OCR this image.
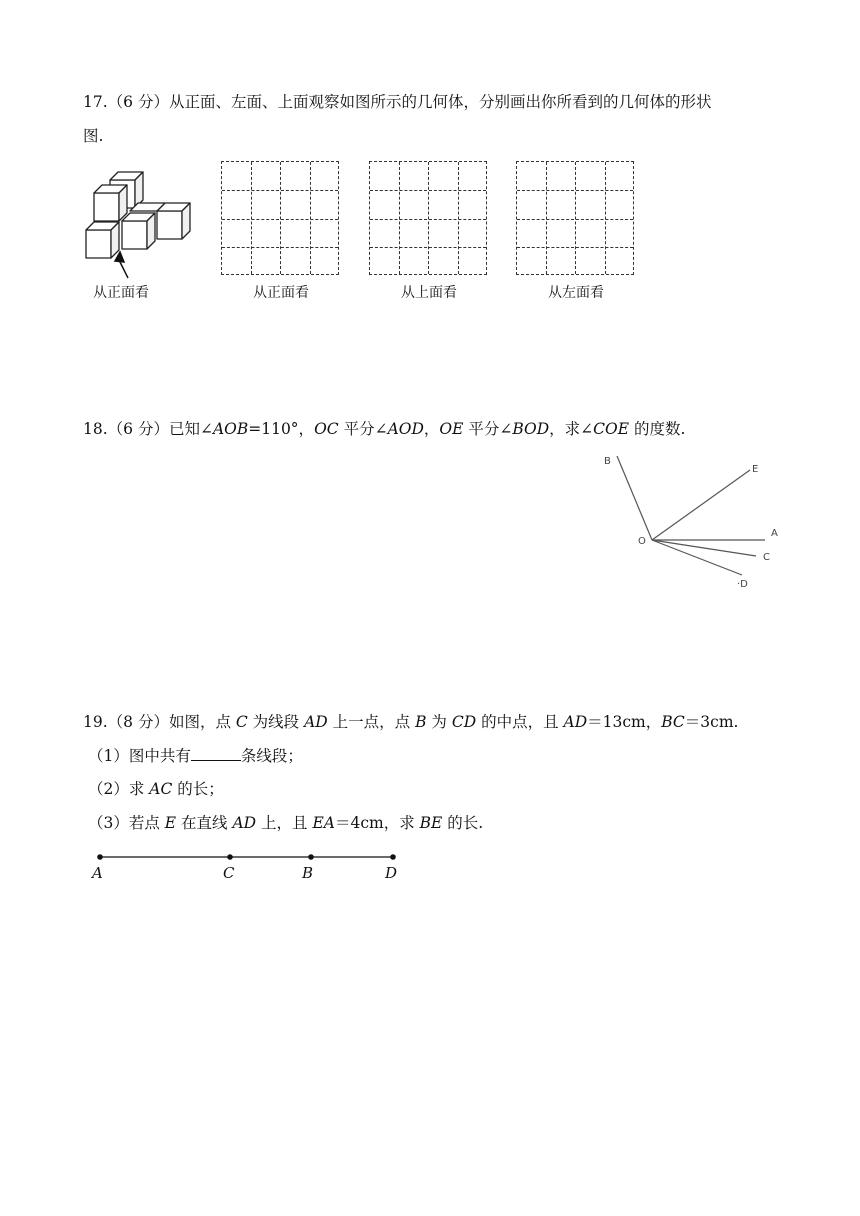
17.（6 分）从正面、左面、上面观察如图所示的几何体，分别画出你所看到的几何体的形状
图.
从正面看	从正面看	从上面看	从左面看
18.（6 分）已知∠AOB=110°，OC 平分∠AOD，OE 平分∠BOD，求∠COE 的度数.
B
E
A
O
C
·D
19.（8 分）如图，点 C 为线段 AD 上一点，点 B 为 CD 的中点，且 AD＝13cm，BC＝3cm.
（1）图中共有	条线段；
（2）求 AC 的长；
（3）若点 E 在直线 AD 上，且 EA＝4cm，求 BE 的长.
A	C	B	D
